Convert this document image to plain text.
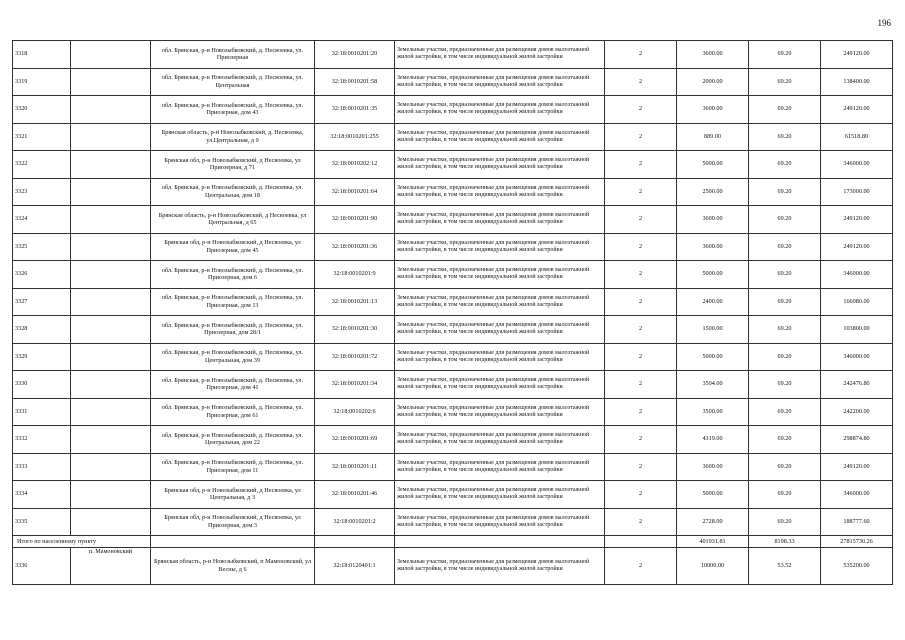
196
3318		обл. Брянская, р-н Новозыбковский, д. Несвоевка, ул. Приозерная	32:18:0010201:20	Земельные участки, предназначенные для размещения домов малоэтажной жилой застройки, в том числе индивидуальной жилой застройки	2	3600.00	69.20	249120.00
3319		обл. Брянская, р-н Новозыбковский, д. Несвоевка, ул. Центральная	32:18:0010201:58	Земельные участки, предназначенные для размещения домов малоэтажной жилой застройки, в том числе индивидуальной жилой застройки	2	2000.00	69.20	138400.00
3320		обл. Брянская, р-н Новозыбковский, д. Несвоевка, ул. Приозерная, дом 43	32:18:0010201:35	Земельные участки, предназначенные для размещения домов малоэтажной жилой застройки, в том числе индивидуальной жилой застройки	2	3600.00	69.20	249120.00
3321		Брянская область, р-н Новозыбковский, д. Несвоевка, ул.Центральная, д 9	32:18:0010201:255	Земельные участки, предназначенные для размещения домов малоэтажной жилой застройки, в том числе индивидуальной жилой застройки	2	889.00	69.20	61518.80
3322		Брянская обл, р-н Новозыбковский, д Несвоевка, ул Приозерная, д 71	32:18:0010202:12	Земельные участки, предназначенные для размещения домов малоэтажной жилой застройки, в том числе индивидуальной жилой застройки	2	5000.00	69.20	346000.00
3323		обл. Брянская, р-н Новозыбковский, д. Несвоевка, ул. Центральная, дом 18	32:18:0010201:64	Земельные участки, предназначенные для размещения домов малоэтажной жилой застройки, в том числе индивидуальной жилой застройки	2	2500.00	69.20	173000.00
3324		Брянская область, р-н Новозыбковский, д Несвоевка, ул Центральная, д 65	32:18:0010201:90	Земельные участки, предназначенные для размещения домов малоэтажной жилой застройки, в том числе индивидуальной жилой застройки	2	3600.00	69.20	249120.00
3325		Брянская обл, р-н Новозыбковский, д Несвоевка, ул Приозерная, дом 45	32:18:0010201:36	Земельные участки, предназначенные для размещения домов малоэтажной жилой застройки, в том числе индивидуальной жилой застройки	2	3600.00	69.20	249120.00
3326		обл. Брянская, р-н Новозыбковский, д. Несвоевка, ул. Приозерная, дом 6	32:18:0010201:9	Земельные участки, предназначенные для размещения домов малоэтажной жилой застройки, в том числе индивидуальной жилой застройки	2	5000.00	69.20	346000.00
3327		обл. Брянская, р-н Новозыбковский, д. Несвоевка, ул. Приозерная, дом 13	32:18:0010201:13	Земельные участки, предназначенные для размещения домов малоэтажной жилой застройки, в том числе индивидуальной жилой застройки	2	2400.00	69.20	166080.00
3328		обл. Брянская, р-н Новозыбковский, д. Несвоевка, ул. Приозерная, дом 28/1	32:18:0010201:30	Земельные участки, предназначенные для размещения домов малоэтажной жилой застройки, в том числе индивидуальной жилой застройки	2	1500.00	69.20	103800.00
3329		обл. Брянская, р-н Новозыбковский, д. Несвоевка, ул. Центральная, дом 39	32:18:0010201:72	Земельные участки, предназначенные для размещения домов малоэтажной жилой застройки, в том числе индивидуальной жилой застройки	2	5000.00	69.20	346000.00
3330		обл. Брянская, р-н Новозыбковский, д. Несвоевка, ул. Приозерная, дом 41	32:18:0010201:34	Земельные участки, предназначенные для размещения домов малоэтажной жилой застройки, в том числе индивидуальной жилой застройки	2	3504.00	69.20	242476.80
3331		обл. Брянская, р-н Новозыбковский, д. Несвоевка, ул. Приозерная, дом 61	32:18:0010202:6	Земельные участки, предназначенные для размещения домов малоэтажной жилой застройки, в том числе индивидуальной жилой застройки	2	3500.00	69.20	242200.00
3332		обл. Брянская, р-н Новозыбковский, д. Несвоевка, ул. Центральная, дом 22	32:18:0010201:69	Земельные участки, предназначенные для размещения домов малоэтажной жилой застройки, в том числе индивидуальной жилой застройки	2	4319.00	69.20	298874.80
3333		обл. Брянская, р-н Новозыбковский, д. Несвоевка, ул. Приозерная, дом 11	32:18:0010201:11	Земельные участки, предназначенные для размещения домов малоэтажной жилой застройки, в том числе индивидуальной жилой застройки	2	3600.00	69.20	249120.00
3334		Брянская обл, р-н Новозыбковский, д Несвоевка, ул Центральная, д 3	32:18:0010201:46	Земельные участки, предназначенные для размещения домов малоэтажной жилой застройки, в том числе индивидуальной жилой застройки	2	5000.00	69.20	346000.00
3335		Брянская обл, р-н Новозыбковский, д Несвоевка, ул Приозерная, дом 3	32:18:0010201:2	Земельные участки, предназначенные для размещения домов малоэтажной жилой застройки, в том числе индивидуальной жилой застройки	2	2728.00	69.20	188777.60
Итого по населенному пункту						401931.81	8198.33	27815730.26
3336	п. Мамоновский	Брянская область, р-н Новозыбковский, п Мамоновский, ул Весны, д 6	32:18:0120401:1	Земельные участки, предназначенные для размещения домов малоэтажной жилой застройки, в том числе индивидуальной жилой застройки	2	10000.00	53.52	535200.00
